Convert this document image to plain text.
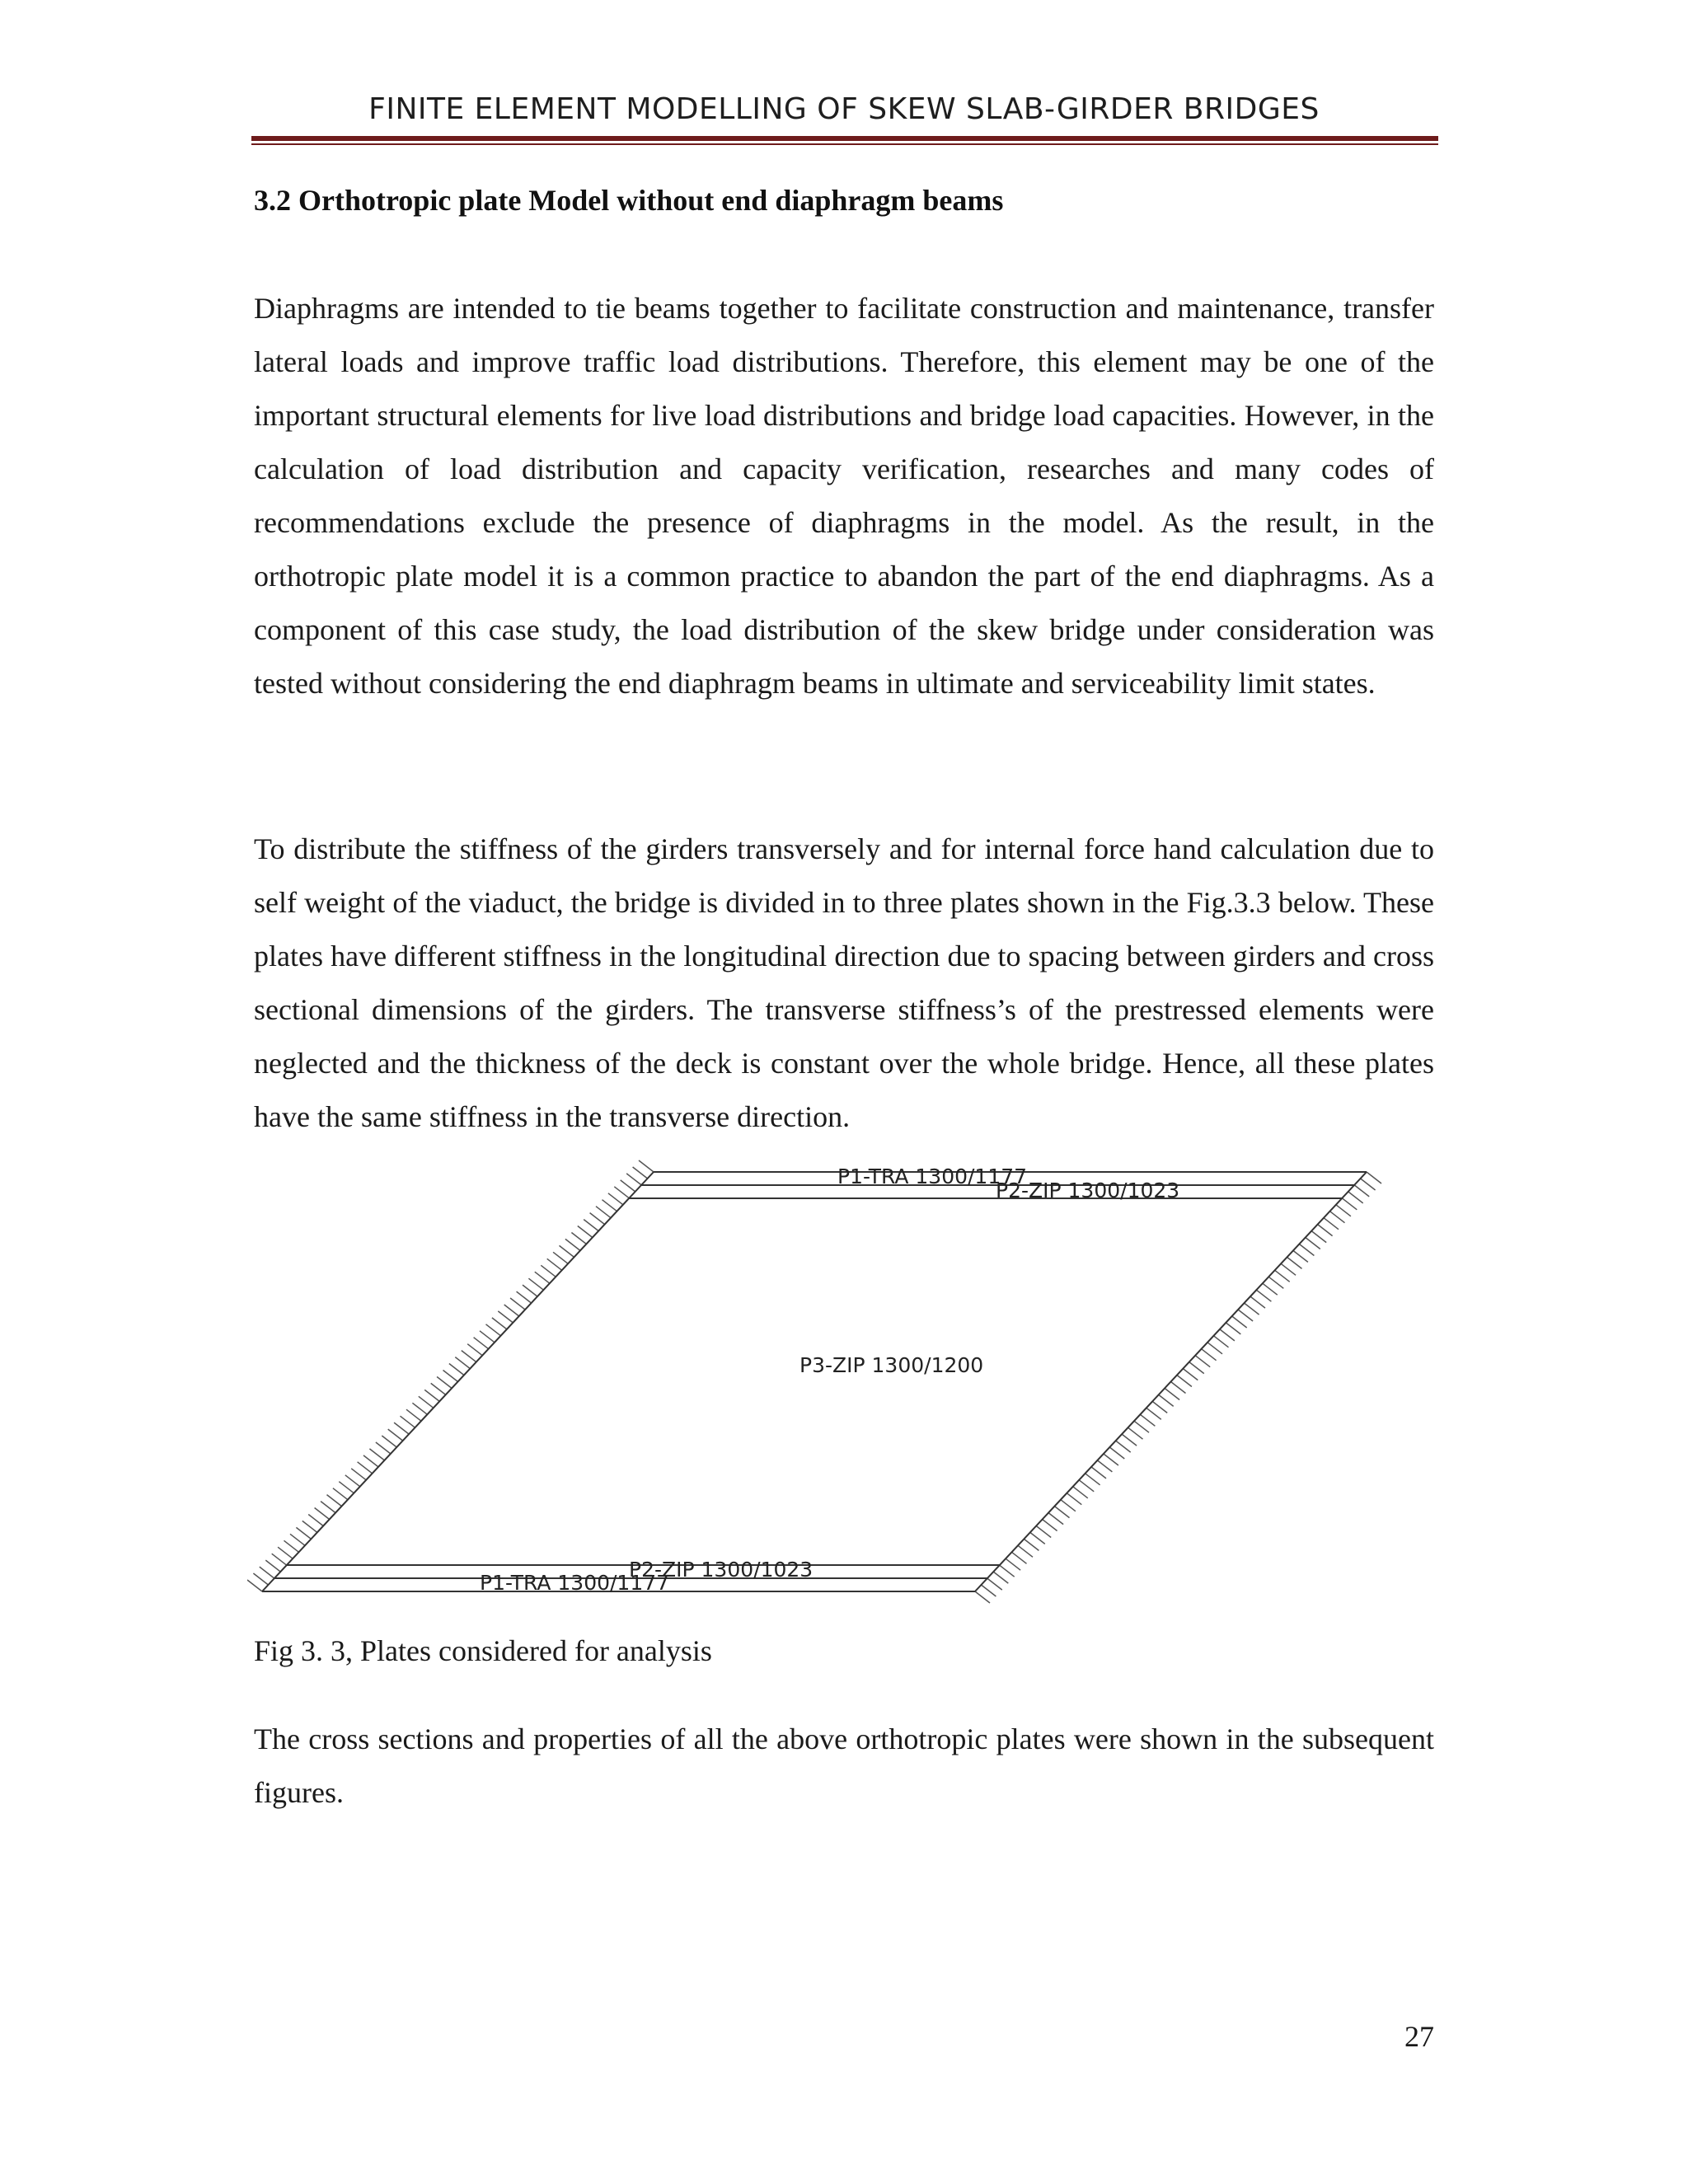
FINITE ELEMENT MODELLING OF SKEW SLAB-GIRDER BRIDGES
3.2 Orthotropic plate Model without end diaphragm beams

Diaphragms are intended to tie beams together to facilitate construction and maintenance, transfer lateral loads and improve traffic load distributions. Therefore, this element may be one of the important structural elements for live load distributions and bridge load capacities. However, in the calculation of load distribution and capacity verification, researches and many codes of recommendations exclude the presence of diaphragms in the model. As the result, in the orthotropic plate model it is a common practice to abandon the part of the end diaphragms. As a component of this case study, the load distribution of the skew bridge under consideration was tested without considering the end diaphragm beams in ultimate and serviceability limit states.

To distribute the stiffness of the girders transversely and for internal force hand calculation due to self weight of the viaduct, the bridge is divided in to three plates shown in the Fig.3.3 below. These plates have different stiffness in the longitudinal direction due to spacing between girders and cross sectional dimensions of the girders. The transverse stiffness’s of the prestressed elements were neglected and the thickness of the deck is constant over the whole bridge. Hence, all these plates have the same stiffness in the transverse direction.

P1-TRA 1300/1177
P2-ZIP 1300/1023
P3-ZIP 1300/1200
P2-ZIP 1300/1023
P1-TRA 1300/1177
Fig 3. 3, Plates considered for analysis

The cross sections and properties of all the above orthotropic plates were shown in the subsequent figures.

27
